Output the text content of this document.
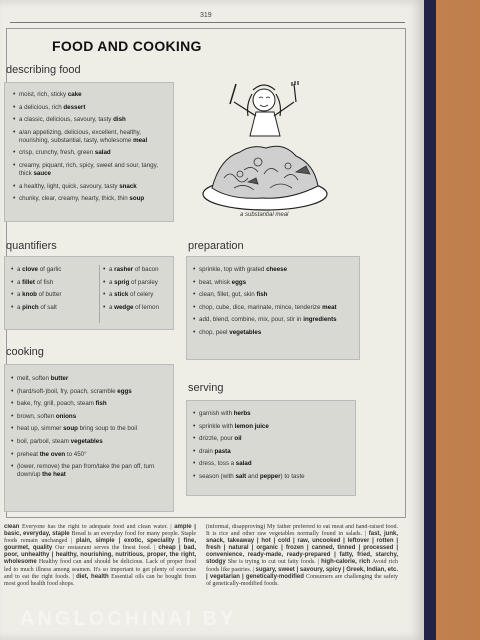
319
FOOD AND COOKING
describing food
• moist, rich, sticky cake
• a delicious, rich dessert
• a classic, delicious, savoury, tasty dish
• a/an appetizing, delicious, excellent, healthy, nourishing, substantial, tasty, wholesome meal
• crisp, crunchy, fresh, green salad
• creamy, piquant, rich, spicy, sweet and sour, tangy, thick sauce
• a healthy, light, quick, savoury, tasty snack
• chunky, clear, creamy, hearty, thick, thin soup
a substantial meal
quantifiers
• a clove of garlic
• a fillet of fish
• a knob of butter
• a pinch of salt
• a rasher of bacon
• a sprig of parsley
• a stick of celery
• a wedge of lemon
preparation
• sprinkle, top with grated cheese
• beat, whisk eggs
• clean, fillet, gut, skin fish
• chop, cube, dice, marinate, mince, tenderize meat
• add, blend, combine, mix, pour, stir in ingredients
• chop, peel vegetables
cooking
• melt, soften butter
• (hard/soft-)boil, fry, poach, scramble eggs
• bake, fry, grill, poach, steam fish
• brown, soften onions
• heat up, simmer soup bring soup to the boil
• boil, parboil, steam vegetables
• preheat the oven to 450°
• (lower, remove) the pan from/take the pan off, turn down/up the heat
serving
• garnish with herbs
• sprinkle with lemon juice
• drizzle, pour oil
• drain pasta
• dress, toss a salad
• season (with salt and pepper) to taste
clean Everyone has the right to adequate food and clean water. | ample | basic, everyday, staple Bread is an everyday food for many people. Staple foods remain unchanged | plain, simple | exotic, speciality | fine, gourmet, quality Our restaurant serves the finest food. | cheap | bad, poor, unhealthy | healthy, nourishing, nutritious, proper, the right, wholesome Healthy food can and should be delicious. Lack of proper food led to much illness among seamen. It's so important to get plenty of exercise and to eat the right foods. | diet, health Essential oils can be bought from most good health food shops.
(informal, disapproving) My father preferred to eat meat and hand-raised food. It is rice and other raw vegetables normally found in salads. | fast, junk, snack, takeaway | hot | cold | raw, uncooked | leftover | rotten | fresh | natural | organic | frozen | canned, tinned | processed | convenience, ready-made, ready-prepared | fatty, fried, starchy, stodgy She is trying to cut out fatty foods. | high-calorie, rich Avoid rich foods like pastries. | sugary, sweet | savoury, spicy | Greek, Indian, etc. | vegetarian | genetically-modified Consumers are challenging the safety of genetically-modified foods.
ANGLOCHINAI BY
